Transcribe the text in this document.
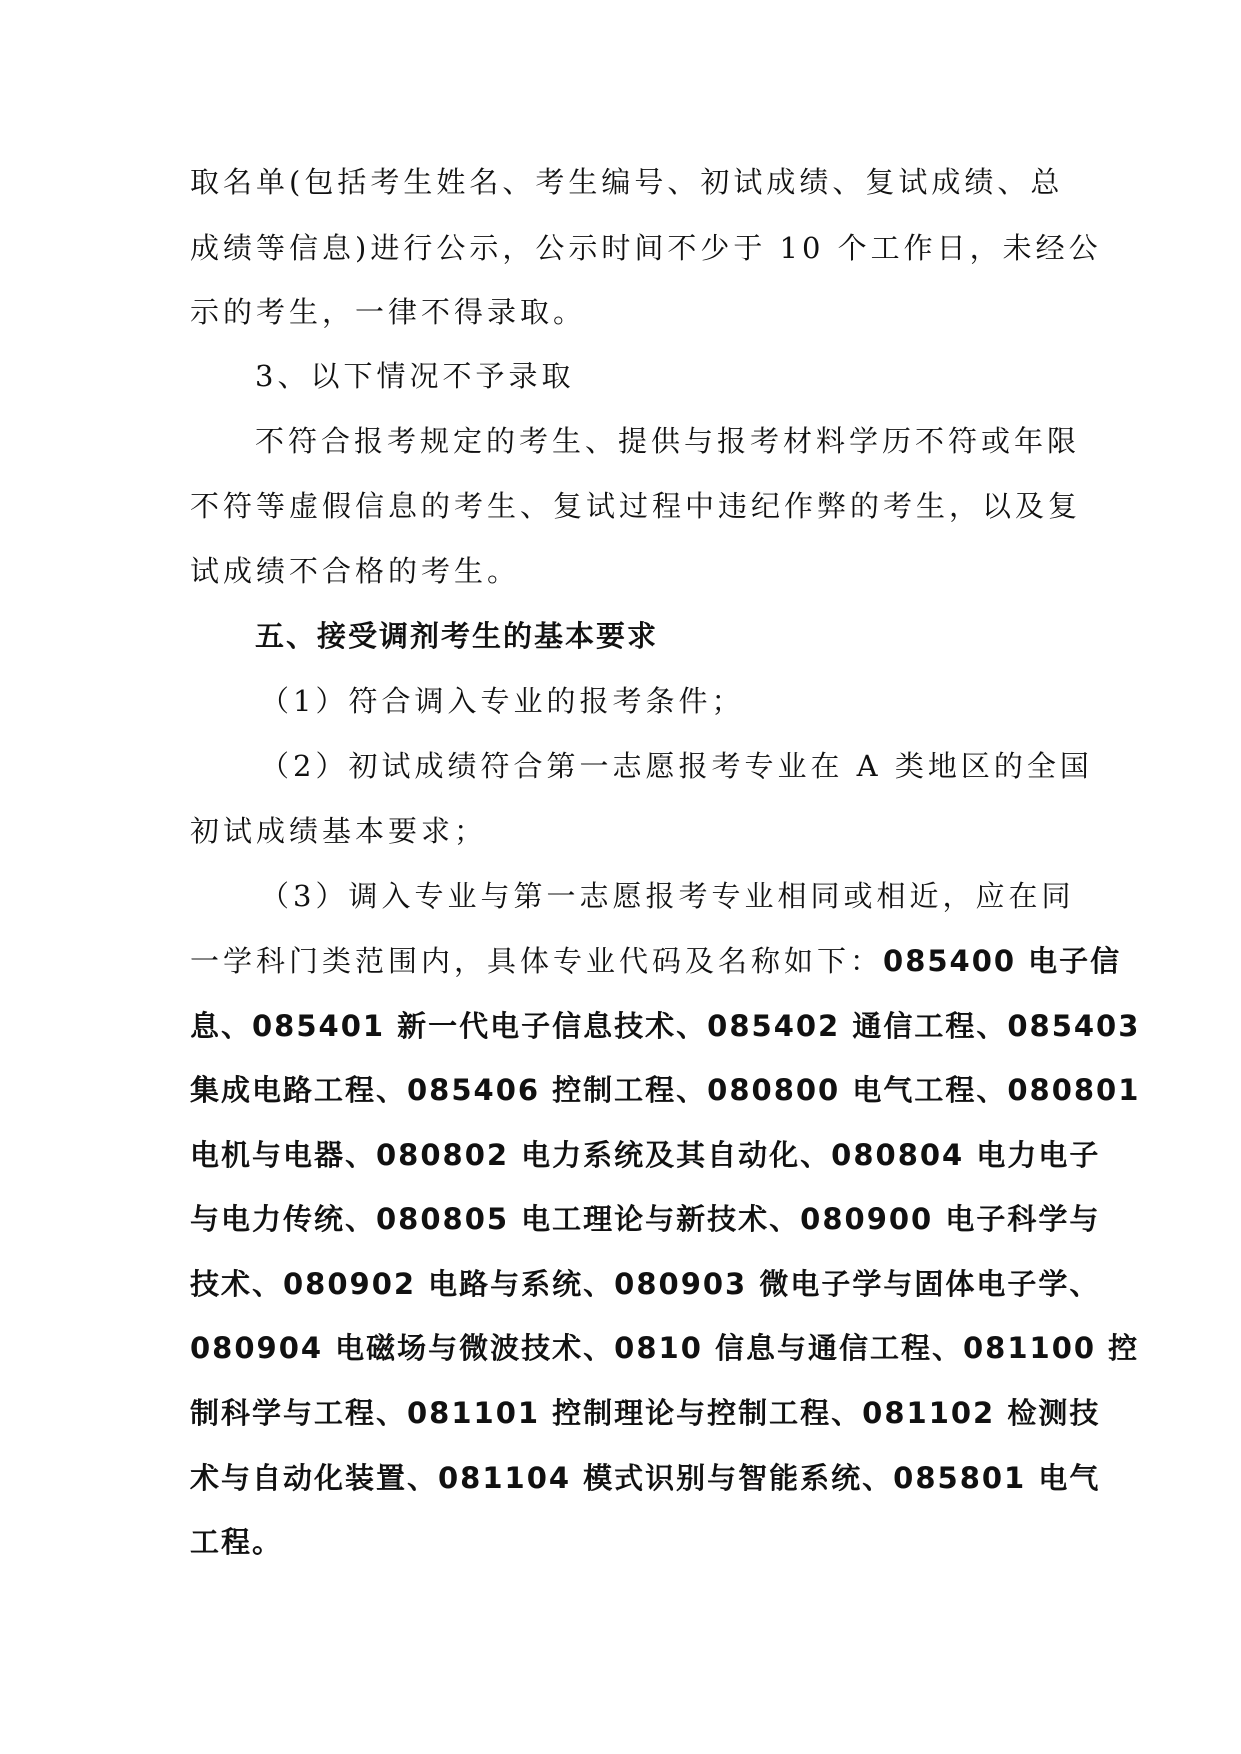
取名单(包括考生姓名、考生编号、初试成绩、复试成绩、总
成绩等信息)进行公示，公示时间不少于 10 个工作日，未经公
示的考生，一律不得录取。
3、以下情况不予录取
不符合报考规定的考生、提供与报考材料学历不符或年限
不符等虚假信息的考生、复试过程中违纪作弊的考生，以及复
试成绩不合格的考生。
五、接受调剂考生的基本要求
（1）符合调入专业的报考条件；
（2）初试成绩符合第一志愿报考专业在 A 类地区的全国
初试成绩基本要求；
（3）调入专业与第一志愿报考专业相同或相近，应在同
一学科门类范围内，具体专业代码及名称如下：085400 电子信
息、085401 新一代电子信息技术、085402 通信工程、085403
集成电路工程、085406 控制工程、080800 电气工程、080801
电机与电器、080802 电力系统及其自动化、080804 电力电子
与电力传统、080805 电工理论与新技术、080900 电子科学与
技术、080902 电路与系统、080903 微电子学与固体电子学、
080904 电磁场与微波技术、0810 信息与通信工程、081100 控
制科学与工程、081101 控制理论与控制工程、081102 检测技
术与自动化装置、081104 模式识别与智能系统、085801 电气
工程。
